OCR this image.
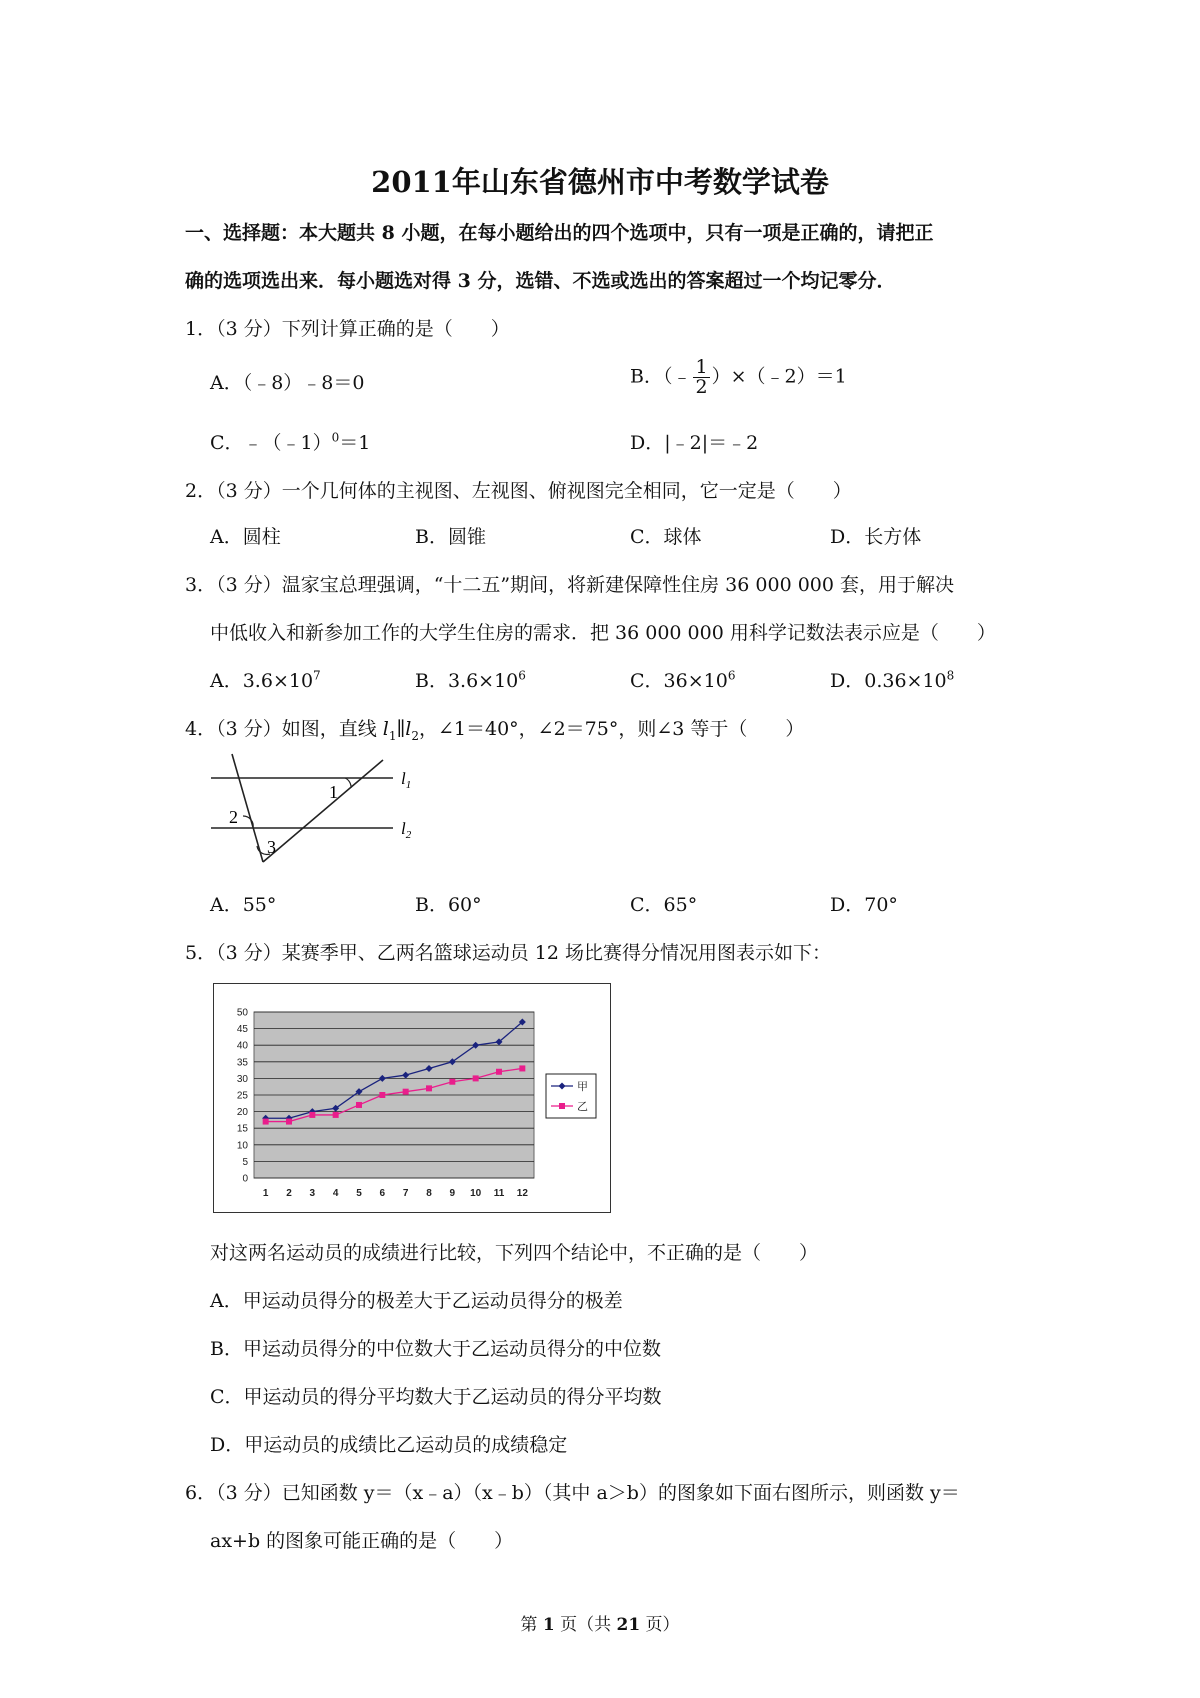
2011年山东省德州市中考数学试卷
一、选择题：本大题共 8 小题，在每小题给出的四个选项中，只有一项是正确的，请把正
确的选项选出来．每小题选对得 3 分，选错、不选或选出的答案超过一个均记零分．
1．（3 分）下列计算正确的是（　　）
A．（﹣8）﹣8＝0	B．（﹣ $\frac{1}{2}$ ）×（﹣2）＝1
C．﹣（﹣1）$^0$＝1	D．|﹣2|＝﹣2
2．（3 分）一个几何体的主视图、左视图、俯视图完全相同，它一定是（　　）
A．圆柱	B．圆锥	C．球体	D．长方体
3．（3 分）温家宝总理强调，“十二五”期间，将新建保障性住房 36 000 000 套，用于解决
中低收入和新参加工作的大学生住房的需求．把 36 000 000 用科学记数法表示应是（　　）
A．$3.6\times 10^7$	B．$3.6\times 10^6$	C．$36\times 10^6$	D．$0.36\times 10^8$
4．（3 分）如图，直线 $l_1\parallel l_2$，∠1＝40°，∠2＝75°，则∠3 等于（　　）
1
2
3
$l_1$
$l_2$
A．55°	B．60°	C．65°	D．70°
5．（3 分）某赛季甲、乙两名篮球运动员 12 场比赛得分情况用图表示如下：
0
5
10
15
20
25
30
35
40
45
50
1 2 3 4 5 6 7 8 9 10 11 12
甲
乙
对这两名运动员的成绩进行比较，下列四个结论中，不正确的是（　　）
A．甲运动员得分的极差大于乙运动员得分的极差
B．甲运动员得分的中位数大于乙运动员得分的中位数
C．甲运动员的得分平均数大于乙运动员的得分平均数
D．甲运动员的成绩比乙运动员的成绩稳定
6．（3 分）已知函数 y＝（x﹣a）（x﹣b）（其中 a＞b）的图象如下面右图所示，则函数 y＝
ax+b 的图象可能正确的是（　　）
第 1 页（共 21 页）
